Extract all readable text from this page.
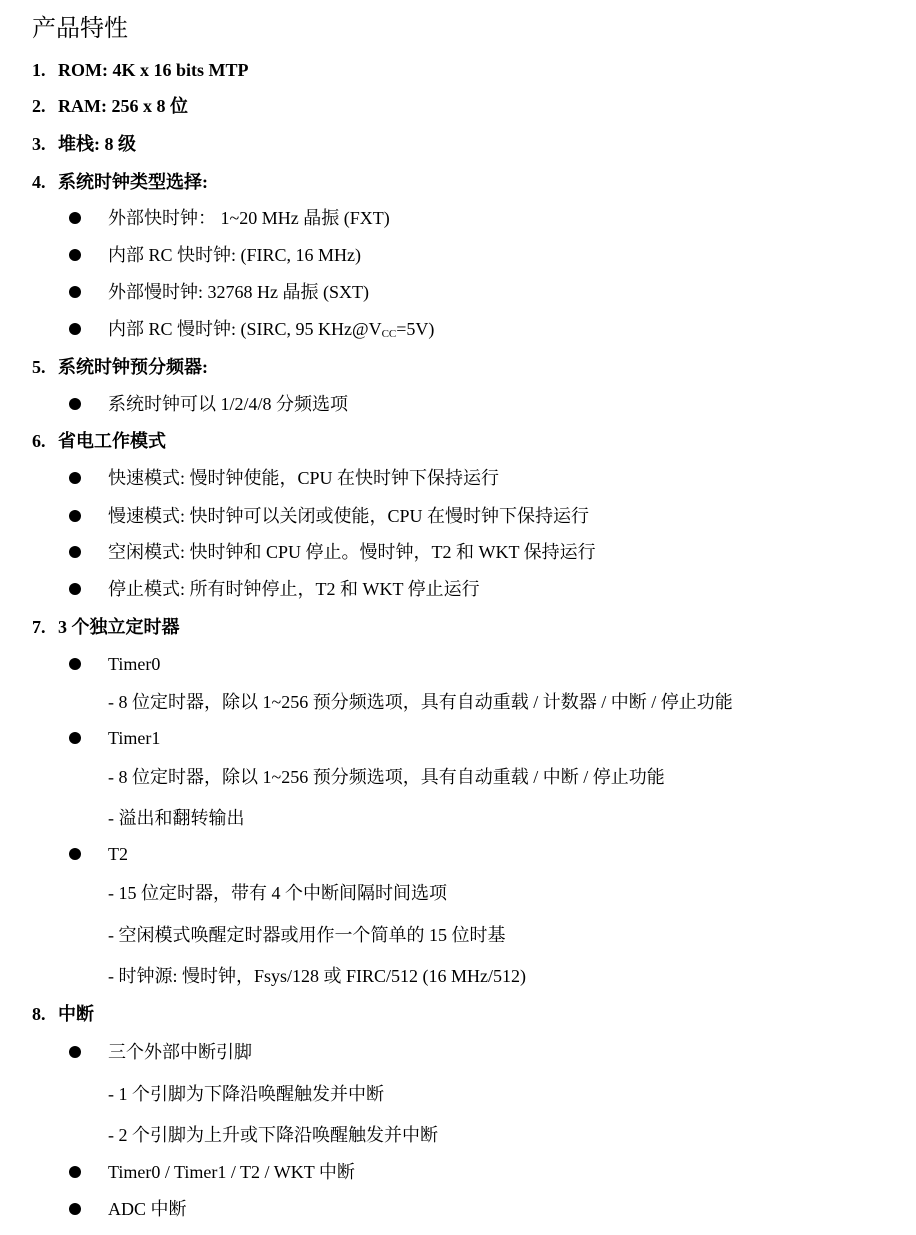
产品特性
1. ROM: 4K x 16 bits MTP
2. RAM: 256 x 8 位
3. 堆栈: 8 级
4. 系统时钟类型选择:
外部快时钟： 1~20 MHz 晶振 (FXT)
内部 RC 快时钟: (FIRC, 16 MHz)
外部慢时钟: 32768 Hz 晶振 (SXT)
内部 RC 慢时钟: (SIRC, 95 $KHz@V_{CC}=5V$)
5. 系统时钟预分频器:
系统时钟可以 1/2/4/8 分频选项
6. 省电工作模式
快速模式: 慢时钟使能，CPU 在快时钟下保持运行
慢速模式: 快时钟可以关闭或使能，CPU 在慢时钟下保持运行
空闲模式: 快时钟和 CPU 停止。慢时钟，T2 和 WKT 保持运行
停止模式: 所有时钟停止，T2 和 WKT 停止运行
7. 3 个独立定时器
Timer0
- 8 位定时器，除以 1~256 预分频选项，具有自动重载 / 计数器 / 中断 / 停止功能
Timer1
- 8 位定时器，除以 1~256 预分频选项，具有自动重载 / 中断 / 停止功能
- 溢出和翻转输出
T2
- 15 位定时器，带有 4 个中断间隔时间选项
- 空闲模式唤醒定时器或用作一个简单的 15 位时基
- 时钟源: 慢时钟，Fsys/128 或 FIRC/512 (16 MHz/512)
8. 中断
三个外部中断引脚
- 1 个引脚为下降沿唤醒触发并中断
- 2 个引脚为上升或下降沿唤醒触发并中断
Timer0 / Timer1 / T2 / WKT 中断
ADC 中断
